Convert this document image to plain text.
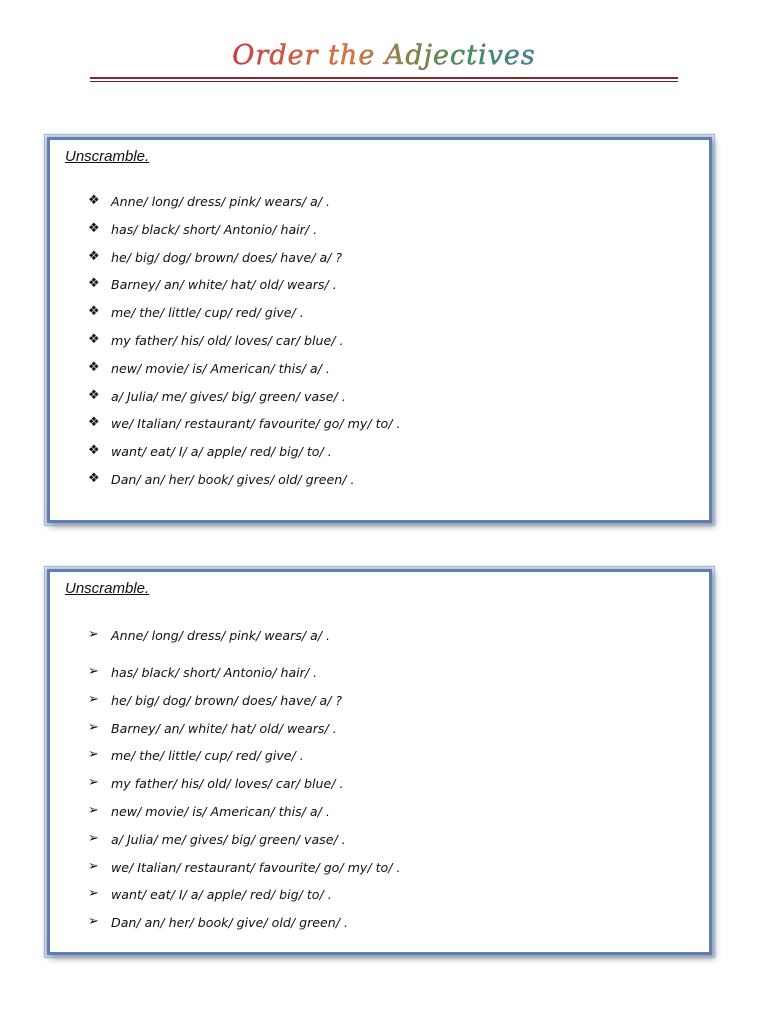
Order the Adjectives
Unscramble.
❖ Anne/ long/ dress/ pink/ wears/ a/ .
❖ has/ black/ short/ Antonio/ hair/ .
❖ he/ big/ dog/ brown/ does/ have/ a/ ?
❖ Barney/ an/ white/ hat/ old/ wears/ .
❖ me/ the/ little/ cup/ red/ give/ .
❖ my father/ his/ old/ loves/ car/ blue/ .
❖ new/ movie/ is/ American/ this/ a/ .
❖ a/ Julia/ me/ gives/ big/ green/ vase/ .
❖ we/ Italian/ restaurant/ favourite/ go/ my/ to/ .
❖ want/ eat/ I/ a/ apple/ red/ big/ to/ .
❖ Dan/ an/ her/ book/ gives/ old/ green/ .
Unscramble.
➢ Anne/ long/ dress/ pink/ wears/ a/ .
➢ has/ black/ short/ Antonio/ hair/ .
➢ he/ big/ dog/ brown/ does/ have/ a/ ?
➢ Barney/ an/ white/ hat/ old/ wears/ .
➢ me/ the/ little/ cup/ red/ give/ .
➢ my father/ his/ old/ loves/ car/ blue/ .
➢ new/ movie/ is/ American/ this/ a/ .
➢ a/ Julia/ me/ gives/ big/ green/ vase/ .
➢ we/ Italian/ restaurant/ favourite/ go/ my/ to/ .
➢ want/ eat/ I/ a/ apple/ red/ big/ to/ .
➢ Dan/ an/ her/ book/ give/ old/ green/ .
